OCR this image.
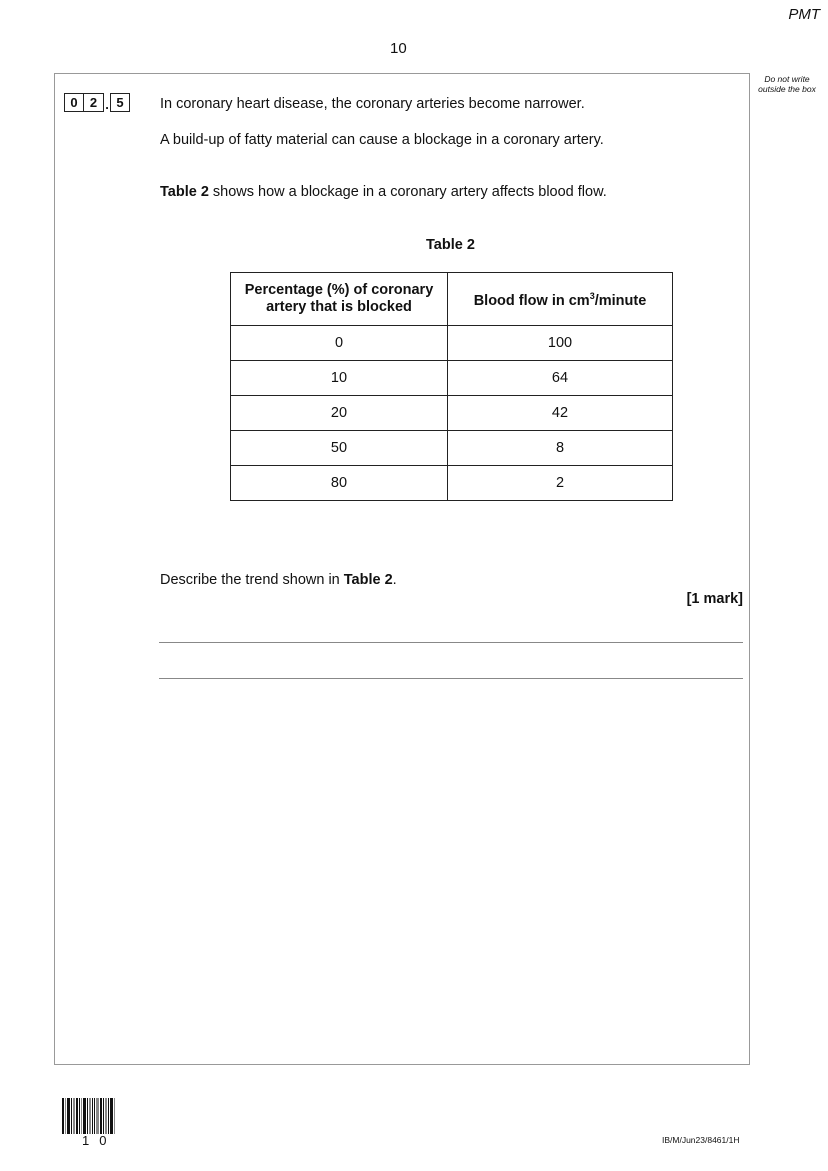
PMT
10
Do not write outside the box
0 2 . 5	In coronary heart disease, the coronary arteries become narrower.
A build-up of fatty material can cause a blockage in a coronary artery.
Table 2 shows how a blockage in a coronary artery affects blood flow.
Table 2
Percentage (%) of coronary artery that is blocked	Blood flow in $cm^3$/minute
0	100
10	64
20	42
50	8
80	2
Describe the trend shown in Table 2.
[1 mark]
10	IB/M/Jun23/8461/1H
